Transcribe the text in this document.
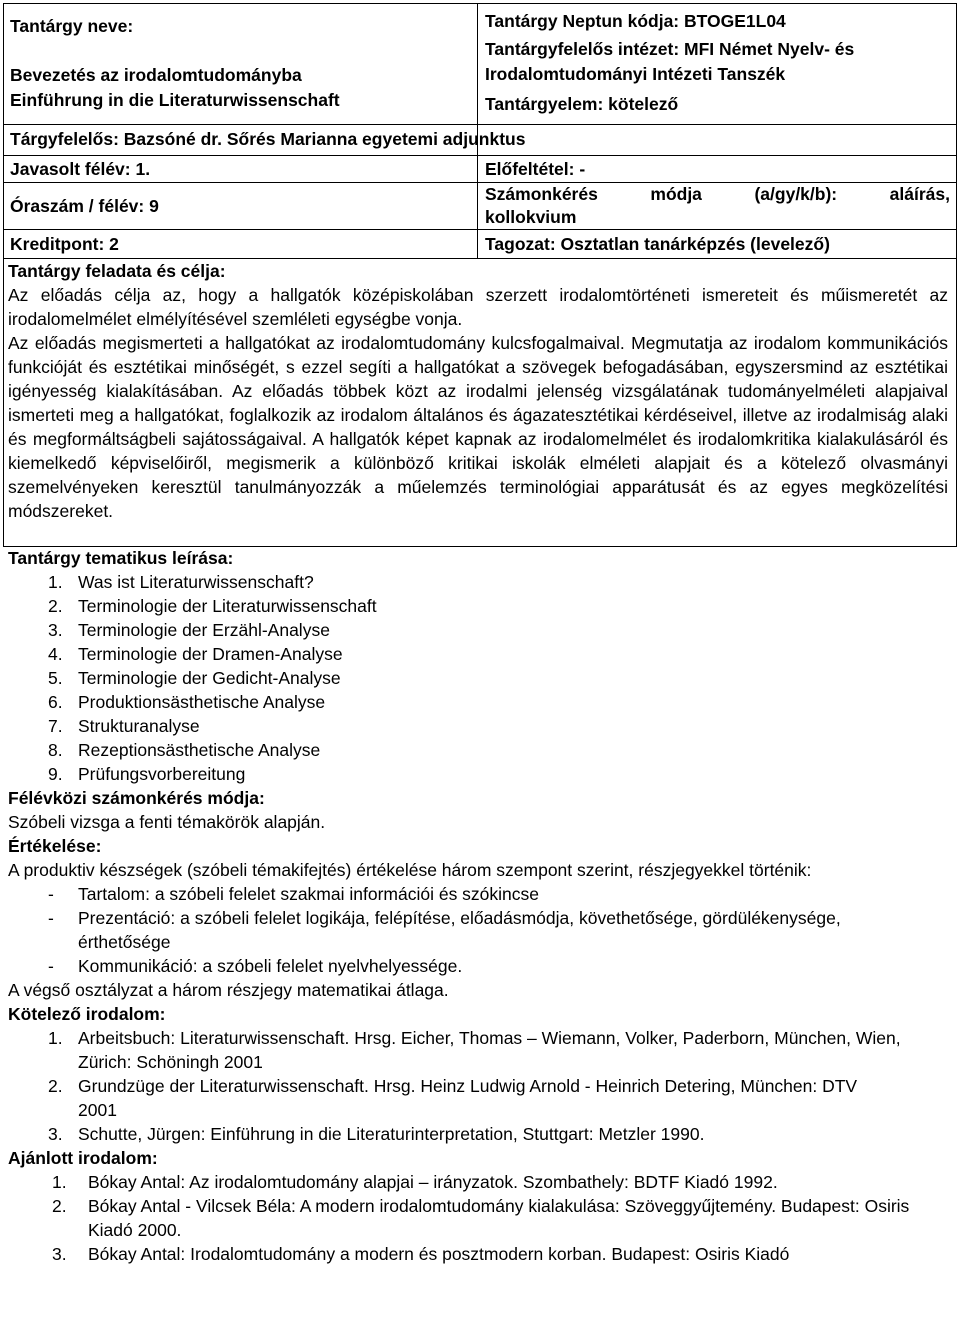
Tantárgy neve:
Bevezetés az irodalomtudományba
Einführung in die Literaturwissenschaft
Tantárgy Neptun kódja: BTOGE1L04
Tantárgyfelelős intézet: MFI Német Nyelv- és
Irodalomtudományi Intézeti Tanszék
Tantárgyelem: kötelező
Tárgyfelelős: Bazsóné dr. Sőrés Marianna egyetemi adjunktus
Javasolt félév: 1.	Előfeltétel: -
Óraszám / félév: 9
Számonkérés módja (a/gy/k/b): aláírás,
kollokvium
Kreditpont: 2	Tagozat: Osztatlan tanárképzés (levelező)

Tantárgy feladata és célja:

Az előadás célja az, hogy a hallgatók középiskolában szerzett irodalomtörténeti ismereteit és műismeretét az irodalomelmélet elmélyítésével szemléleti egységbe vonja.

Az előadás megismerteti a hallgatókat az irodalomtudomány kulcsfogalmaival. Megmutatja az irodalom kommunikációs funkcióját és esztétikai minőségét, s ezzel segíti a hallgatókat a szövegek befogadásában, egyszersmind az esztétikai igényesség kialakításában. Az előadás többek közt az irodalmi jelenség vizsgálatának tudományelméleti alapjaival ismerteti meg a hallgatókat, foglalkozik az irodalom általános és ágazatesztétikai kérdéseivel, illetve az irodalmiság alaki és megformáltságbeli sajátosságaival. A hallgatók képet kapnak az irodalomelmélet és irodalomkritika kialakulásáról és kiemelkedő képviselőiről, megismerik a különböző kritikai iskolák elméleti alapjait és a kötelező olvasmányi szemelvényeken keresztül tanulmányozzák a műelemzés terminológiai apparátusát és az egyes megközelítési módszereket.

Tantárgy tematikus leírása:

1. Was ist Literaturwissenschaft?
2. Terminologie der Literaturwissenschaft
3. Terminologie der Erzähl-Analyse
4. Terminologie der Dramen-Analyse
5. Terminologie der Gedicht-Analyse
6. Produktionsästhetische Analyse
7. Strukturanalyse
8. Rezeptionsästhetische Analyse
9. Prüfungsvorbereitung

Félévközi számonkérés módja:

Szóbeli vizsga a fenti témakörök alapján.

Értékelése:

A produktiv készségek (szóbeli témakifejtés) értékelése három szempont szerint, részjegyekkel történik:

- Tartalom: a szóbeli felelet szakmai információi és szókincse
- Prezentáció: a szóbeli felelet logikája, felépítése, előadásmódja, követhetősége, gördülékenysége, érthetősége
- Kommunikáció: a szóbeli felelet nyelvhelyessége.

A végső osztályzat a három részjegy matematikai átlaga.

Kötelező irodalom:

1. Arbeitsbuch: Literaturwissenschaft. Hrsg. Eicher, Thomas – Wiemann, Volker, Paderborn, München, Wien, Zürich: Schöningh 2001
2. Grundzüge der Literaturwissenschaft. Hrsg. Heinz Ludwig Arnold - Heinrich Detering, München: DTV 2001
3. Schutte, Jürgen: Einführung in die Literaturinterpretation, Stuttgart: Metzler 1990.

Ajánlott irodalom:

1. Bókay Antal: Az irodalomtudomány alapjai – irányzatok. Szombathely: BDTF Kiadó 1992.
2. Bókay Antal - Vilcsek Béla: A modern irodalomtudomány kialakulása: Szöveggyűjtemény. Budapest: Osiris Kiadó 2000.
3. Bókay Antal: Irodalomtudomány a modern és posztmodern korban. Budapest: Osiris Kiadó
